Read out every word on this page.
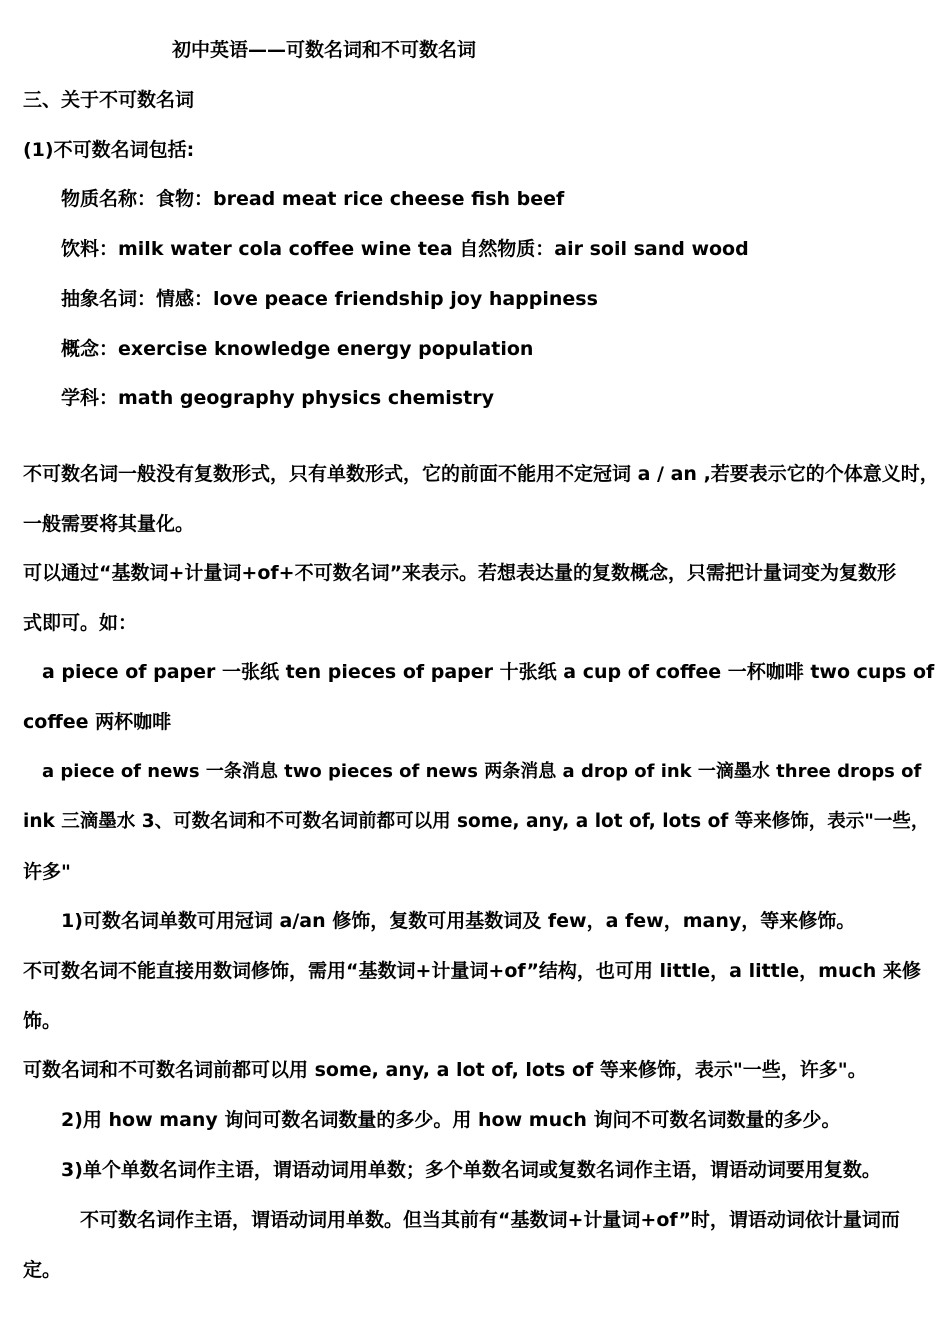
初中英语——可数名词和不可数名词

三、关于不可数名词

(1)不可数名词包括:

物质名称：食物：bread meat rice cheese fish beef

饮料：milk water cola coffee wine tea 自然物质：air soil sand wood

抽象名词：情感：love peace friendship joy happiness

概念：exercise knowledge energy population

学科：math geography physics chemistry

不可数名词一般没有复数形式，只有单数形式，它的前面不能用不定冠词 a / an ,若要表示它的个体意义时，

一般需要将其量化。

可以通过“基数词+计量词+of+不可数名词”来表示。若想表达量的复数概念，只需把计量词变为复数形

式即可。如：

a piece of paper 一张纸 ten pieces of paper 十张纸 a cup of coffee 一杯咖啡 two cups of

coffee 两杯咖啡

a piece of news 一条消息 two pieces of news 两条消息 a drop of ink 一滴墨水 three drops of

ink 三滴墨水 3、可数名词和不可数名词前都可以用 some, any, a lot of, lots of 等来修饰，表示"一些，

许多"

1)可数名词单数可用冠词 a/an 修饰，复数可用基数词及 few，a few，many，等来修饰。

不可数名词不能直接用数词修饰，需用“基数词+计量词+of”结构，也可用 little，a little，much 来修

饰。

可数名词和不可数名词前都可以用 some, any, a lot of, lots of 等来修饰，表示"一些，许多"。

2)用 how many 询问可数名词数量的多少。用 how much 询问不可数名词数量的多少。

3)单个单数名词作主语，谓语动词用单数；多个单数名词或复数名词作主语，谓语动词要用复数。

不可数名词作主语，谓语动词用单数。但当其前有“基数词+计量词+of”时，谓语动词依计量词而

定。
